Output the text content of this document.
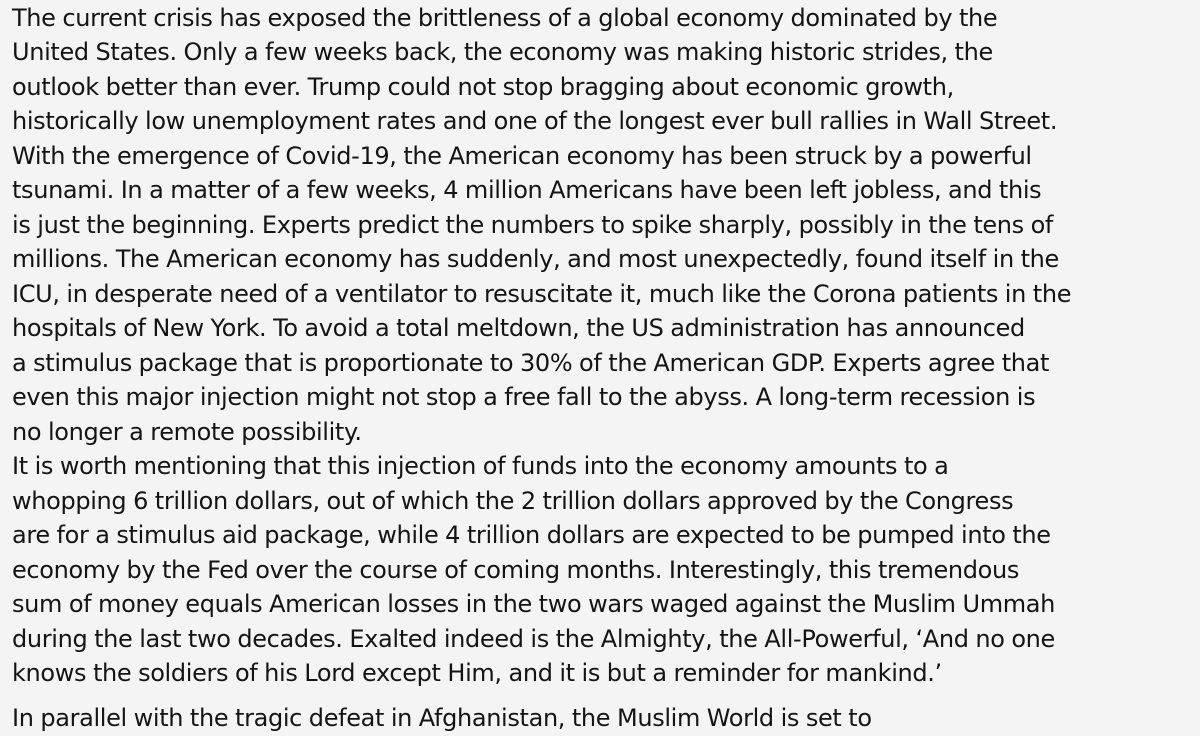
The current crisis has exposed the brittleness of a global economy dominated by the
United States. Only a few weeks back, the economy was making historic strides, the
outlook better than ever. Trump could not stop bragging about economic growth,
historically low unemployment rates and one of the longest ever bull rallies in Wall Street.
With the emergence of Covid-19, the American economy has been struck by a powerful
tsunami. In a matter of a few weeks, 4 million Americans have been left jobless, and this
is just the beginning. Experts predict the numbers to spike sharply, possibly in the tens of
millions. The American economy has suddenly, and most unexpectedly, found itself in the
ICU, in desperate need of a ventilator to resuscitate it, much like the Corona patients in the
hospitals of New York. To avoid a total meltdown, the US administration has announced
a stimulus package that is proportionate to 30% of the American GDP. Experts agree that
even this major injection might not stop a free fall to the abyss. A long-term recession is
no longer a remote possibility.
It is worth mentioning that this injection of funds into the economy amounts to a
whopping 6 trillion dollars, out of which the 2 trillion dollars approved by the Congress
are for a stimulus aid package, while 4 trillion dollars are expected to be pumped into the
economy by the Fed over the course of coming months. Interestingly, this tremendous
sum of money equals American losses in the two wars waged against the Muslim Ummah
during the last two decades. Exalted indeed is the Almighty, the All-Powerful, ‘And no one
knows the soldiers of his Lord except Him, and it is but a reminder for mankind.’
In parallel with the tragic defeat in Afghanistan, the Muslim World is set to
